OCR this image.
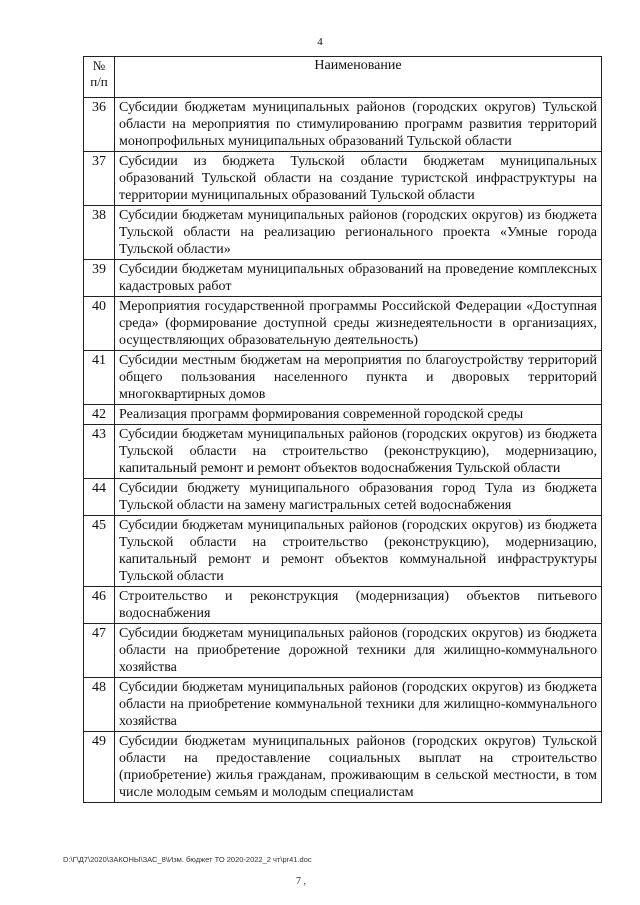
4
№
п/п	Наименование
36	Субсидии бюджетам муниципальных районов (городских округов) Тульской области на мероприятия по стимулированию программ развития территорий монопрофильных муниципальных образований Тульской области
37	Субсидии из бюджета Тульской области бюджетам муниципальных образований Тульской области на создание туристской инфраструктуры на территории муниципальных образований Тульской области
38	Субсидии бюджетам муниципальных районов (городских округов) из бюджета Тульской области на реализацию регионального проекта «Умные города Тульской области»
39	Субсидии бюджетам муниципальных образований на проведение комплексных кадастровых работ
40	Мероприятия государственной программы Российской Федерации «Доступная среда» (формирование доступной среды жизнедеятельности в организациях, осуществляющих образовательную деятельность)
41	Субсидии местным бюджетам на мероприятия по благоустройству территорий общего пользования населенного пункта и дворовых территорий многоквартирных домов
42	Реализация программ формирования современной городской среды
43	Субсидии бюджетам муниципальных районов (городских округов) из бюджета Тульской области на строительство (реконструкцию), модернизацию, капитальный ремонт и ремонт объектов водоснабжения Тульской области
44	Субсидии бюджету муниципального образования город Тула из бюджета Тульской области на замену магистральных сетей водоснабжения
45	Субсидии бюджетам муниципальных районов (городских округов) из бюджета Тульской области на строительство (реконструкцию), модернизацию, капитальный ремонт и ремонт объектов коммунальной инфраструктуры Тульской области
46	Строительство и реконструкция (модернизация) объектов питьевого водоснабжения
47	Субсидии бюджетам муниципальных районов (городских округов) из бюджета области на приобретение дорожной техники для жилищно-коммунального хозяйства
48	Субсидии бюджетам муниципальных районов (городских округов) из бюджета области на приобретение коммунальной техники для жилищно-коммунального хозяйства
49	Субсидии бюджетам муниципальных районов (городских округов) Тульской области на предоставление социальных выплат на строительство (приобретение) жилья гражданам, проживающим в сельской местности, в том числе молодым семьям и молодым специалистам
D:\Г\Д7\2020\ЗАКОНЫ\ЗАС_8\Изм. бюджет ТО 2020-2022_2 чт\pr41.doc
7 ,
